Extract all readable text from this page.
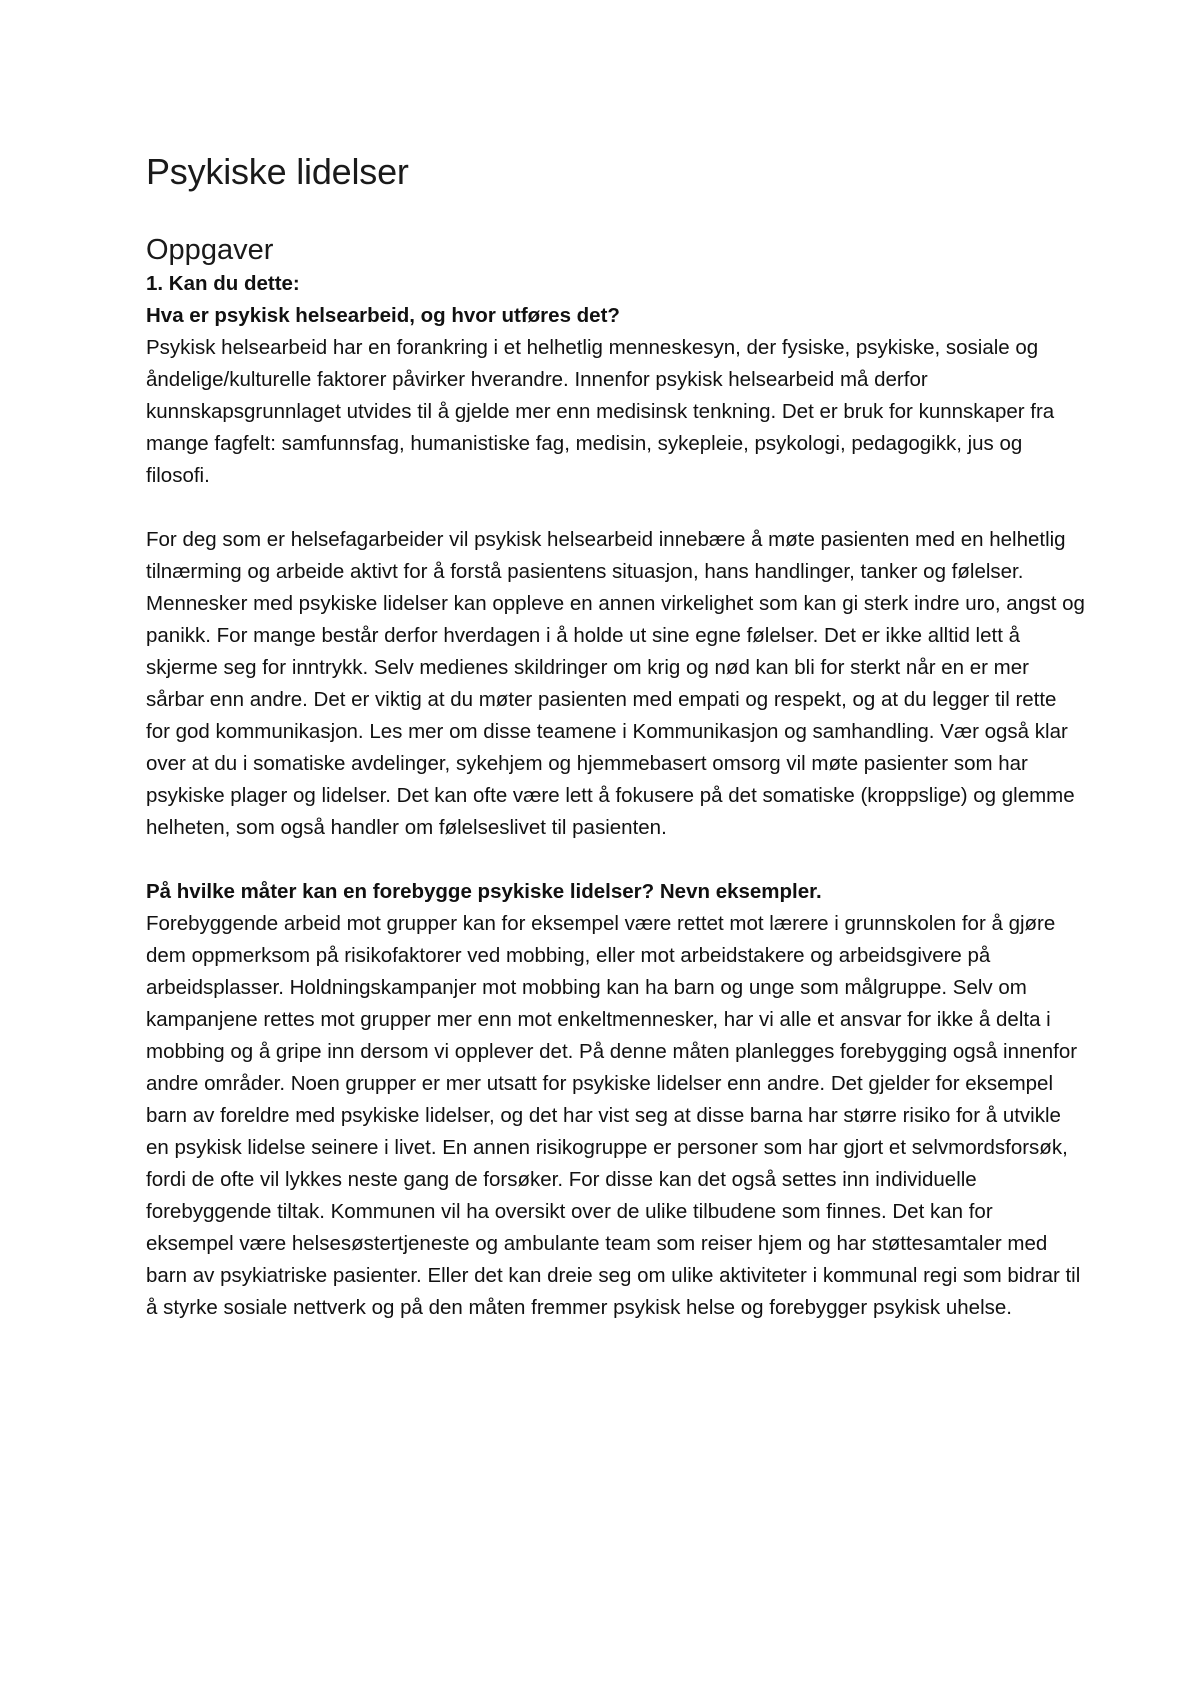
Psykiske lidelser
Oppgaver

1. Kan du dette:

Hva er psykisk helsearbeid, og hvor utføres det?

Psykisk helsearbeid har en forankring i et helhetlig menneskesyn, der fysiske, psykiske, sosiale og åndelige/kulturelle faktorer påvirker hverandre. Innenfor psykisk helsearbeid må derfor kunnskapsgrunnlaget utvides til å gjelde mer enn medisinsk tenkning. Det er bruk for kunnskaper fra mange fagfelt: samfunnsfag, humanistiske fag, medisin, sykepleie, psykologi, pedagogikk, jus og filosofi.

For deg som er helsefagarbeider vil psykisk helsearbeid innebære å møte pasienten med en helhetlig tilnærming og arbeide aktivt for å forstå pasientens situasjon, hans handlinger, tanker og følelser. Mennesker med psykiske lidelser kan oppleve en annen virkelighet som kan gi sterk indre uro, angst og panikk. For mange består derfor hverdagen i å holde ut sine egne følelser. Det er ikke alltid lett å skjerme seg for inntrykk. Selv medienes skildringer om krig og nød kan bli for sterkt når en er mer sårbar enn andre. Det er viktig at du møter pasienten med empati og respekt, og at du legger til rette for god kommunikasjon. Les mer om disse teamene i Kommunikasjon og samhandling. Vær også klar over at du i somatiske avdelinger, sykehjem og hjemmebasert omsorg vil møte pasienter som har psykiske plager og lidelser. Det kan ofte være lett å fokusere på det somatiske (kroppslige) og glemme helheten, som også handler om følelseslivet til pasienten.

På hvilke måter kan en forebygge psykiske lidelser? Nevn eksempler.

Forebyggende arbeid mot grupper kan for eksempel være rettet mot lærere i grunnskolen for å gjøre dem oppmerksom på risikofaktorer ved mobbing, eller mot arbeidstakere og arbeidsgivere på arbeidsplasser. Holdningskampanjer mot mobbing kan ha barn og unge som målgruppe. Selv om kampanjene rettes mot grupper mer enn mot enkeltmennesker, har vi alle et ansvar for ikke å delta i mobbing og å gripe inn dersom vi opplever det. På denne måten planlegges forebygging også innenfor andre områder. Noen grupper er mer utsatt for psykiske lidelser enn andre. Det gjelder for eksempel barn av foreldre med psykiske lidelser, og det har vist seg at disse barna har større risiko for å utvikle en psykisk lidelse seinere i livet. En annen risikogruppe er personer som har gjort et selvmordsforsøk, fordi de ofte vil lykkes neste gang de forsøker. For disse kan det også settes inn individuelle forebyggende tiltak. Kommunen vil ha oversikt over de ulike tilbudene som finnes. Det kan for eksempel være helsesøstertjeneste og ambulante team som reiser hjem og har støttesamtaler med barn av psykiatriske pasienter. Eller det kan dreie seg om ulike aktiviteter i kommunal regi som bidrar til å styrke sosiale nettverk og på den måten fremmer psykisk helse og forebygger psykisk uhelse.
